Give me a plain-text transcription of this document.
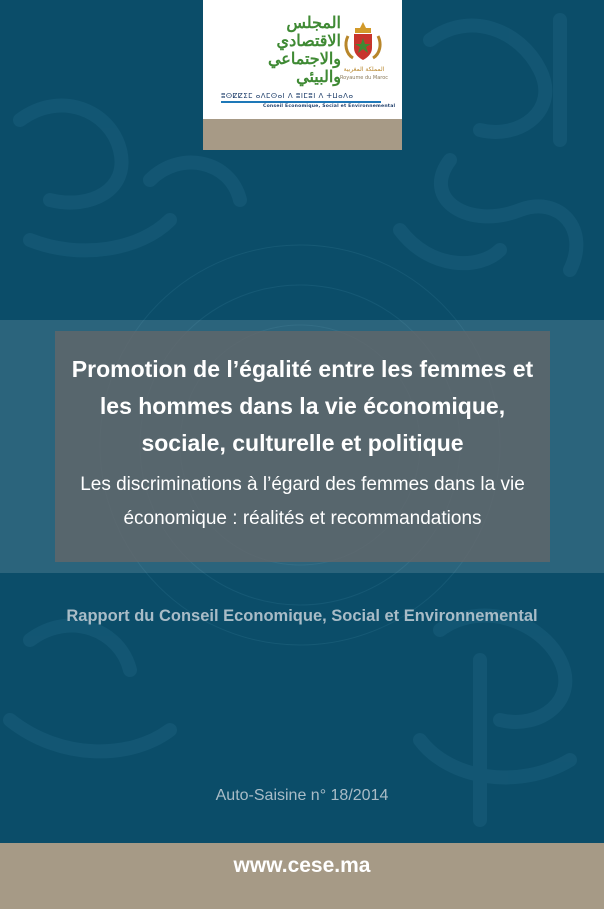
المجلس
الاقتصادي
والاجتماعي
والبيئي المملكة المغربية
Royaume du Maroc
ⵓⵙⵇⵇⵉⵎ ⴰⴷⵎⵙⴰⵏ ⴷ ⵓⵏⵎⵓⵏ ⴷ ⵜⵡⴰⴷⴰ
Conseil Economique, Social et Environnemental
Promotion de l’égalité entre les femmes et les hommes dans la vie économique, sociale, culturelle et politique
Les discriminations à l’égard des femmes dans la vie économique : réalités et recommandations
Rapport du Conseil Economique, Social et Environnemental
Auto-Saisine n° 18/2014
www.cese.ma
